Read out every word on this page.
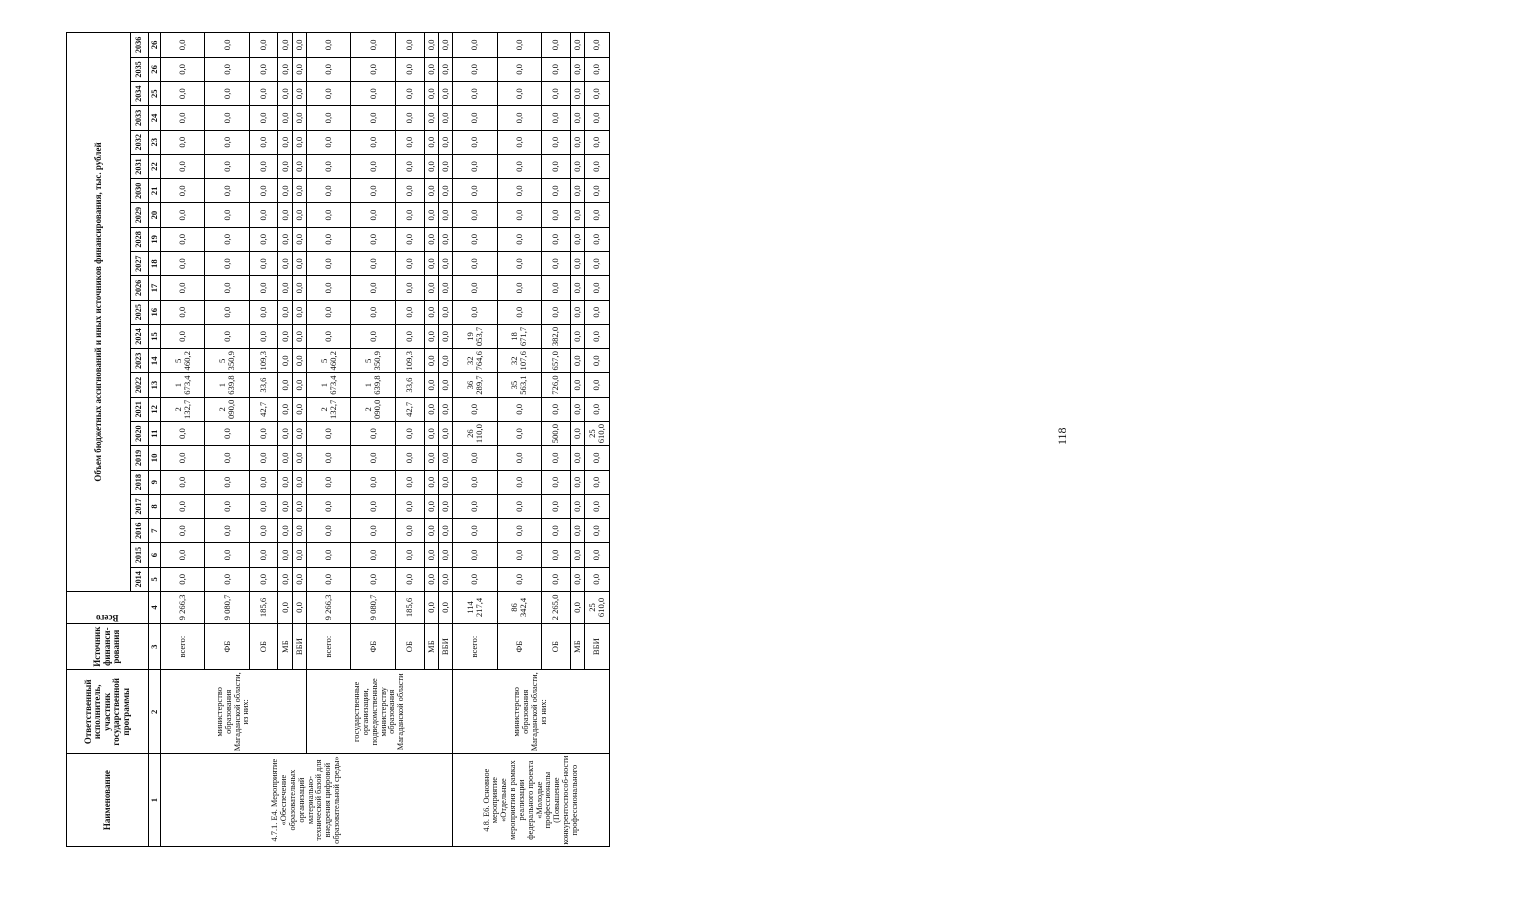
118
Наименование	Ответственный исполнитель, участник государственной программы	Источник финанси-рования	Всего	Объем бюджетных ассигнований и иных источников финансирования, тыс. рублей																						
				2014	2015	2016	2017	2018	2019	2020	2021	2022	2023	2024	2025	2026	2027	2028	2029	2030	2031	2032	2033	2034	2035	2036
1	2	3	4	5	6	7	8	9	10	11	12	13	14	15	16	17	18	19	20	21	22	23	24	25	26	26
4.7.1. Е4. Мероприятие «Обеспечение образовательных организаций материально-технической базой для внедрения цифровой образовательной среды»	министерство образования Магаданской области, из них:	всего:	9 266,3	0,0	0,0	0,0	0,0	0,0	0,0	0,0	2 132,7	1 673,4	5 460,2	0,0	0,0	0,0	0,0	0,0	0,0	0,0	0,0	0,0	0,0	0,0	0,0	0,0
		ФБ	9 080,7	0,0	0,0	0,0	0,0	0,0	0,0	0,0	2 090,0	1 639,8	5 350,9	0,0	0,0	0,0	0,0	0,0	0,0	0,0	0,0	0,0	0,0	0,0	0,0	0,0
		ОБ	185,6	0,0	0,0	0,0	0,0	0,0	0,0	0,0	42,7	33,6	109,3	0,0	0,0	0,0	0,0	0,0	0,0	0,0	0,0	0,0	0,0	0,0	0,0	0,0
		МБ	0,0	0,0	0,0	0,0	0,0	0,0	0,0	0,0	0,0	0,0	0,0	0,0	0,0	0,0	0,0	0,0	0,0	0,0	0,0	0,0	0,0	0,0	0,0	0,0
		ВБИ	0,0	0,0	0,0	0,0	0,0	0,0	0,0	0,0	0,0	0,0	0,0	0,0	0,0	0,0	0,0	0,0	0,0	0,0	0,0	0,0	0,0	0,0	0,0	0,0
	государственные организации, подведомственные министерству образования Магаданской области	всего:	9 266,3	0,0	0,0	0,0	0,0	0,0	0,0	0,0	2 132,7	1 673,4	5 460,2	0,0	0,0	0,0	0,0	0,0	0,0	0,0	0,0	0,0	0,0	0,0	0,0	0,0
		ФБ	9 080,7	0,0	0,0	0,0	0,0	0,0	0,0	0,0	2 090,0	1 639,8	5 350,9	0,0	0,0	0,0	0,0	0,0	0,0	0,0	0,0	0,0	0,0	0,0	0,0	0,0
		ОБ	185,6	0,0	0,0	0,0	0,0	0,0	0,0	0,0	42,7	33,6	109,3	0,0	0,0	0,0	0,0	0,0	0,0	0,0	0,0	0,0	0,0	0,0	0,0	0,0
		МБ	0,0	0,0	0,0	0,0	0,0	0,0	0,0	0,0	0,0	0,0	0,0	0,0	0,0	0,0	0,0	0,0	0,0	0,0	0,0	0,0	0,0	0,0	0,0	0,0
		ВБИ	0,0	0,0	0,0	0,0	0,0	0,0	0,0	0,0	0,0	0,0	0,0	0,0	0,0	0,0	0,0	0,0	0,0	0,0	0,0	0,0	0,0	0,0	0,0	0,0
4.8. Е6. Основное мероприятие «Отдельные мероприятия в рамках реализации федерального проекта «Молодые профессионалы (Повышение конкурентоспособ-ности профессионального	министерство образования Магаданской области, из них:	всего:	114 217,4	0,0	0,0	0,0	0,0	0,0	0,0	26 110,0	0,0	36 289,7	32 764,6	19 053,7	0,0	0,0	0,0	0,0	0,0	0,0	0,0	0,0	0,0	0,0	0,0	0,0
		ФБ	86 342,4	0,0	0,0	0,0	0,0	0,0	0,0	0,0	0,0	35 563,1	32 107,6	18 671,7	0,0	0,0	0,0	0,0	0,0	0,0	0,0	0,0	0,0	0,0	0,0	0,0
		ОБ	2 265,0	0,0	0,0	0,0	0,0	0,0	0,0	500,0	0,0	726,0	657,0	382,0	0,0	0,0	0,0	0,0	0,0	0,0	0,0	0,0	0,0	0,0	0,0	0,0
		МБ	0,0	0,0	0,0	0,0	0,0	0,0	0,0	0,0	0,0	0,0	0,0	0,0	0,0	0,0	0,0	0,0	0,0	0,0	0,0	0,0	0,0	0,0	0,0	0,0
		ВБИ	25 610,0	0,0	0,0	0,0	0,0	0,0	0,0	25 610,0	0,0	0,0	0,0	0,0	0,0	0,0	0,0	0,0	0,0	0,0	0,0	0,0	0,0	0,0	0,0	0,0
